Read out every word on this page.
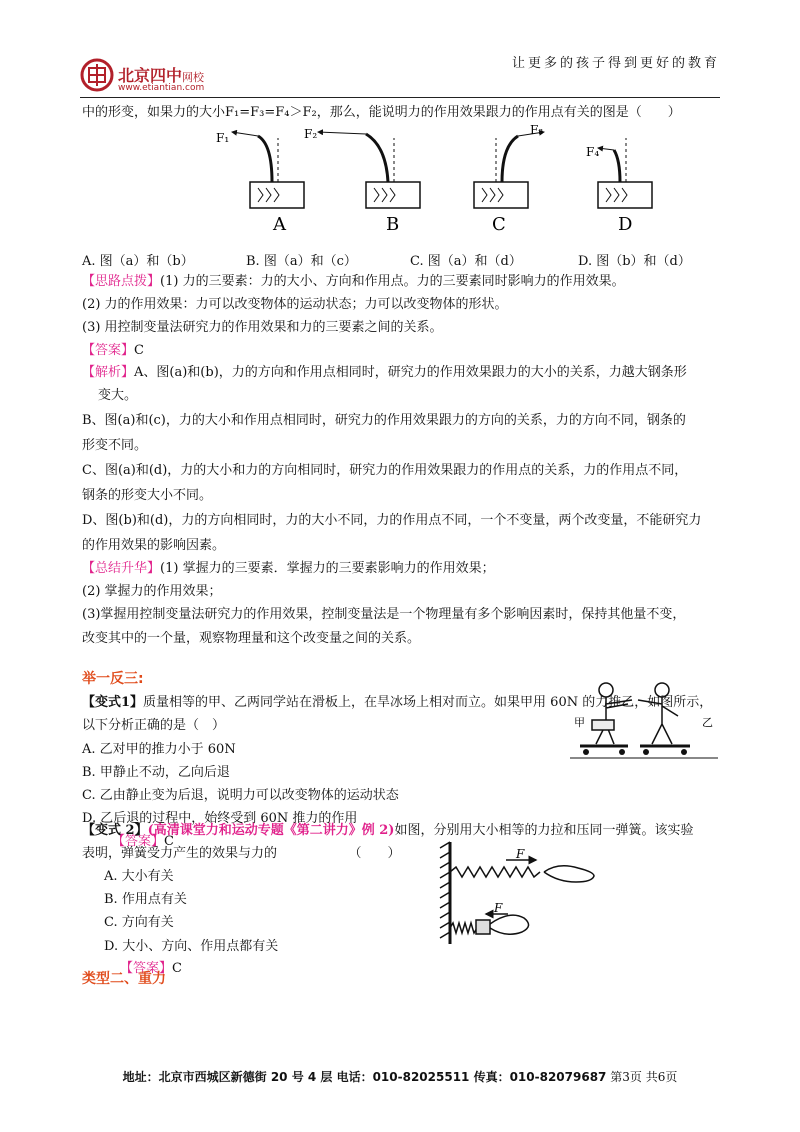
北京四中网校
www.etiantian.com
让更多的孩子得到更好的教育
中的形变，如果力的大小F₁=F₃=F₄＞F₂，那么，能说明力的作用效果跟力的作用点有关的图是（　　）
F₁	F₂	F₃
F₄
A	B	C	D
A. 图（a）和（b）	B. 图（a）和（c）	C. 图（a）和（d）	D. 图（b）和（d）
【思路点拨】(1) 力的三要素：力的大小、方向和作用点。力的三要素同时影响力的作用效果。
(2) 力的作用效果：力可以改变物体的运动状态；力可以改变物体的形状。
(3) 用控制变量法研究力的作用效果和力的三要素之间的关系。
【答案】C
【解析】A、图(a)和(b)，力的方向和作用点相同时，研究力的作用效果跟力的大小的关系，力越大钢条形
变大。
B、图(a)和(c)，力的大小和作用点相同时，研究力的作用效果跟力的方向的关系，力的方向不同，钢条的
形变不同。
C、图(a)和(d)，力的大小和力的方向相同时，研究力的作用效果跟力的作用点的关系，力的作用点不同，
钢条的形变大小不同。
D、图(b)和(d)，力的方向相同时，力的大小不同，力的作用点不同，一个不变量，两个改变量，不能研究力
的作用效果的影响因素。
【总结升华】(1) 掌握力的三要素．掌握力的三要素影响力的作用效果；
(2) 掌握力的作用效果；
(3)掌握用控制变量法研究力的作用效果，控制变量法是一个物理量有多个影响因素时，保持其他量不变，
改变其中的一个量，观察物理量和这个改变量之间的关系。
举一反三:
【变式1】质量相等的甲、乙两同学站在滑板上，在旱冰场上相对而立。如果甲用 60N 的力推乙，如图所示，
以下分析正确的是（　）
A. 乙对甲的推力小于 60N
B. 甲静止不动，乙向后退
C. 乙由静止变为后退，说明力可以改变物体的运动状态
D. 乙后退的过程中，始终受到 60N 推力的作用
【答案】C
甲	乙
【变式 2】(高清课堂力和运动专题《第二讲力》例 2)如图，分别用大小相等的力拉和压同一弹簧。该实验
表明，弹簧受力产生的效果与力的　　　　　　（　　）
A. 大小有关
B. 作用点有关
C. 方向有关
D. 大小、方向、作用点都有关
【答案】C
F
F
类型二、重力
地址：北京市西城区新德街 20 号 4 层 电话：010-82025511 传真：010-82079687 第3页 共6页
